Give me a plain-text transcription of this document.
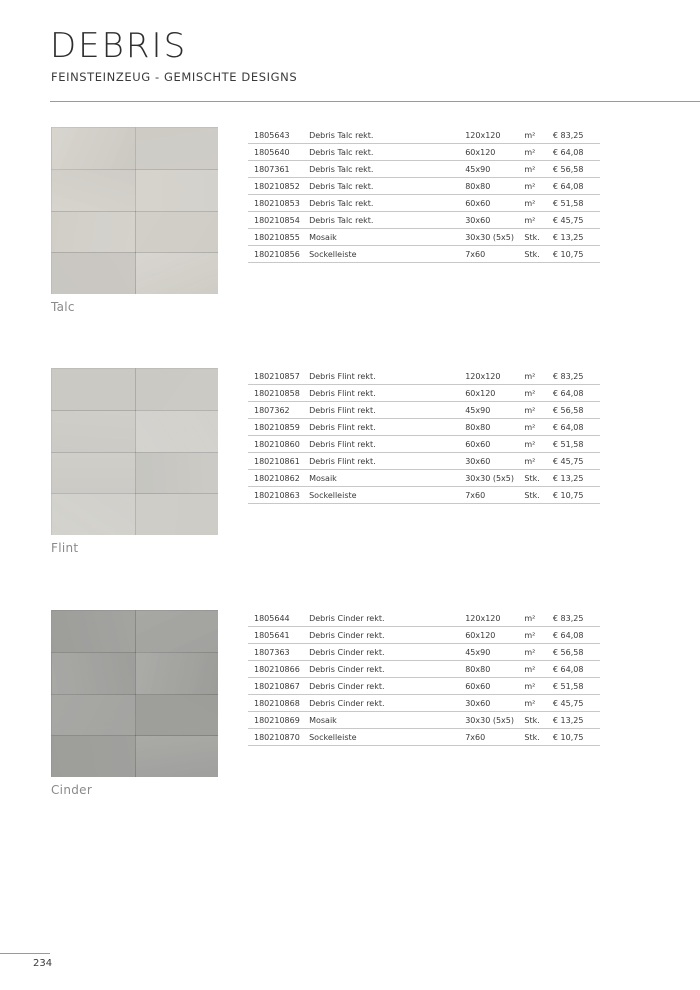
DEBRIS
FEINSTEINZEUG - GEMISCHTE DESIGNS
Talc
1805643	Debris Talc rekt.	120x120	m²	€ 83,25
1805640	Debris Talc rekt.	60x120	m²	€ 64,08
1807361	Debris Talc rekt.	45x90	m²	€ 56,58
180210852	Debris Talc rekt.	80x80	m²	€ 64,08
180210853	Debris Talc rekt.	60x60	m²	€ 51,58
180210854	Debris Talc rekt.	30x60	m²	€ 45,75
180210855	Mosaik	30x30 (5x5)	Stk.	€ 13,25
180210856	Sockelleiste	7x60	Stk.	€ 10,75
Flint
180210857	Debris Flint rekt.	120x120	m²	€ 83,25
180210858	Debris Flint rekt.	60x120	m²	€ 64,08
1807362	Debris Flint rekt.	45x90	m²	€ 56,58
180210859	Debris Flint rekt.	80x80	m²	€ 64,08
180210860	Debris Flint rekt.	60x60	m²	€ 51,58
180210861	Debris Flint rekt.	30x60	m²	€ 45,75
180210862	Mosaik	30x30 (5x5)	Stk.	€ 13,25
180210863	Sockelleiste	7x60	Stk.	€ 10,75
Cinder
1805644	Debris Cinder rekt.	120x120	m²	€ 83,25
1805641	Debris Cinder rekt.	60x120	m²	€ 64,08
1807363	Debris Cinder rekt.	45x90	m²	€ 56,58
180210866	Debris Cinder rekt.	80x80	m²	€ 64,08
180210867	Debris Cinder rekt.	60x60	m²	€ 51,58
180210868	Debris Cinder rekt.	30x60	m²	€ 45,75
180210869	Mosaik	30x30 (5x5)	Stk.	€ 13,25
180210870	Sockelleiste	7x60	Stk.	€ 10,75
234
